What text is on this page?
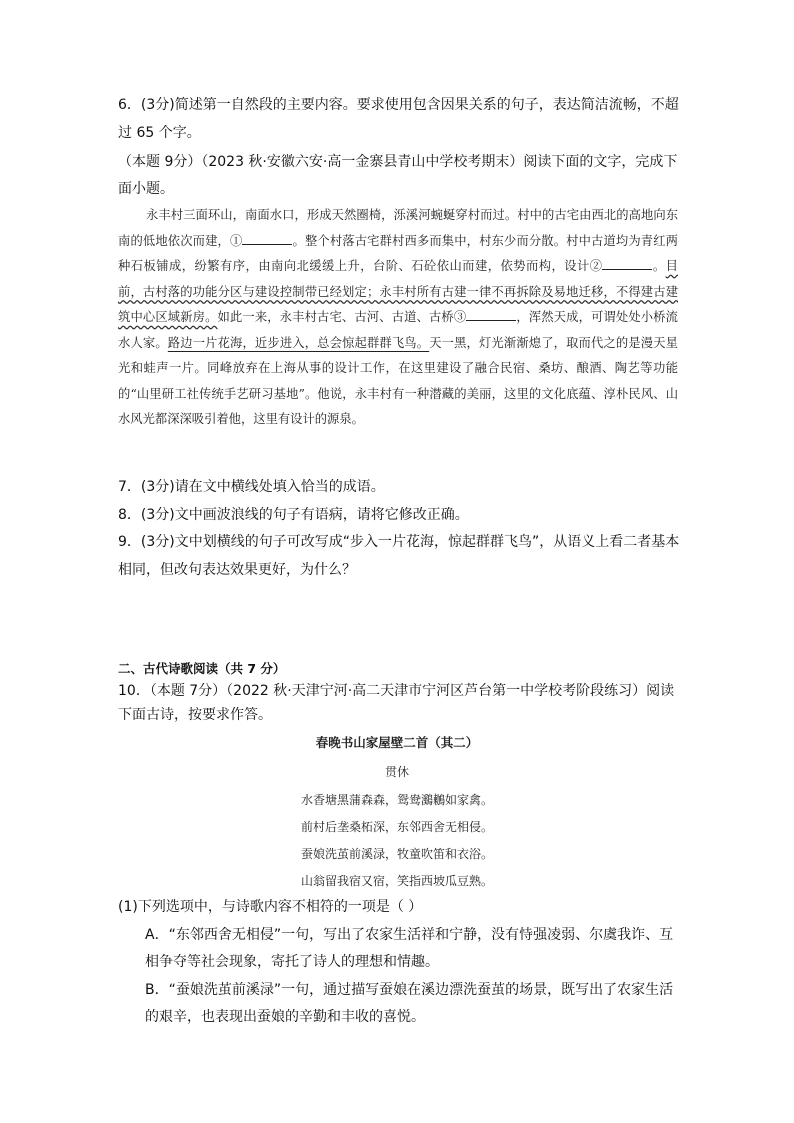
6．(3分)简述第一自然段的主要内容。要求使用包含因果关系的句子，表达简洁流畅，不超
过 65 个字。
（本题 9分）（2023 秋·安徽六安·高一金寨县青山中学校考期末）阅读下面的文字，完成下
面小题。
永丰村三面环山，南面水口，形成天然圈椅，泺溪河蜿蜒穿村而过。村中的古宅由西北的高地向东南的低地依次而建，①	。整个村落古宅群村西多而集中，村东少而分散。村中古道均为青红两种石板铺成，纷繁有序，由南向北缓缓上升，台阶、石砼依山而建，依势而构，设计②	。目前，古村落的功能分区与建设控制带已经划定；永丰村所有古建一律不再拆除及易地迁移，不得建古建筑中心区域新房。如此一来，永丰村古宅、古河、古道、古桥③	，浑然天成，可谓处处小桥流水人家。路边一片花海，近步进入，总会惊起群群飞鸟。天一黑，灯光渐渐熄了，取而代之的是漫天星光和蛙声一片。同峰放弃在上海从事的设计工作，在这里建设了融合民宿、桑坊、酿酒、陶艺等功能的“山里研工社传统手艺研习基地”。他说，永丰村有一种潜藏的美丽，这里的文化底蕴、淳朴民风、山水风光都深深吸引着他，这里有设计的源泉。
7．(3分)请在文中横线处填入恰当的成语。
8．(3分)文中画波浪线的句子有语病，请将它修改正确。
9．(3分)文中划横线的句子可改写成“步入一片花海，惊起群群飞鸟”，从语义上看二者基本
相同，但改句表达效果更好，为什么？
二、古代诗歌阅读（共 7 分）
10．（本题 7分）（2022 秋·天津宁河·高二天津市宁河区芦台第一中学校考阶段练习）阅读
下面古诗，按要求作答。
春晚书山家屋壁二首（其二）
贯休
水香塘黑蒲森森，鸳鸯鸂鶒如家禽。
前村后垄桑柘深，东邻西舍无相侵。
蚕娘洗茧前溪渌，牧童吹笛和衣浴。
山翁留我宿又宿，笑指西坡瓜豆熟。
(1)下列选项中，与诗歌内容不相符的一项是（ ）
A．“东邻西舍无相侵”一句，写出了农家生活祥和宁静，没有恃强凌弱、尔虞我诈、互
相争夺等社会现象，寄托了诗人的理想和情趣。
B．“蚕娘洗茧前溪渌”一句，通过描写蚕娘在溪边漂洗蚕茧的场景，既写出了农家生活
的艰辛，也表现出蚕娘的辛勤和丰收的喜悦。
